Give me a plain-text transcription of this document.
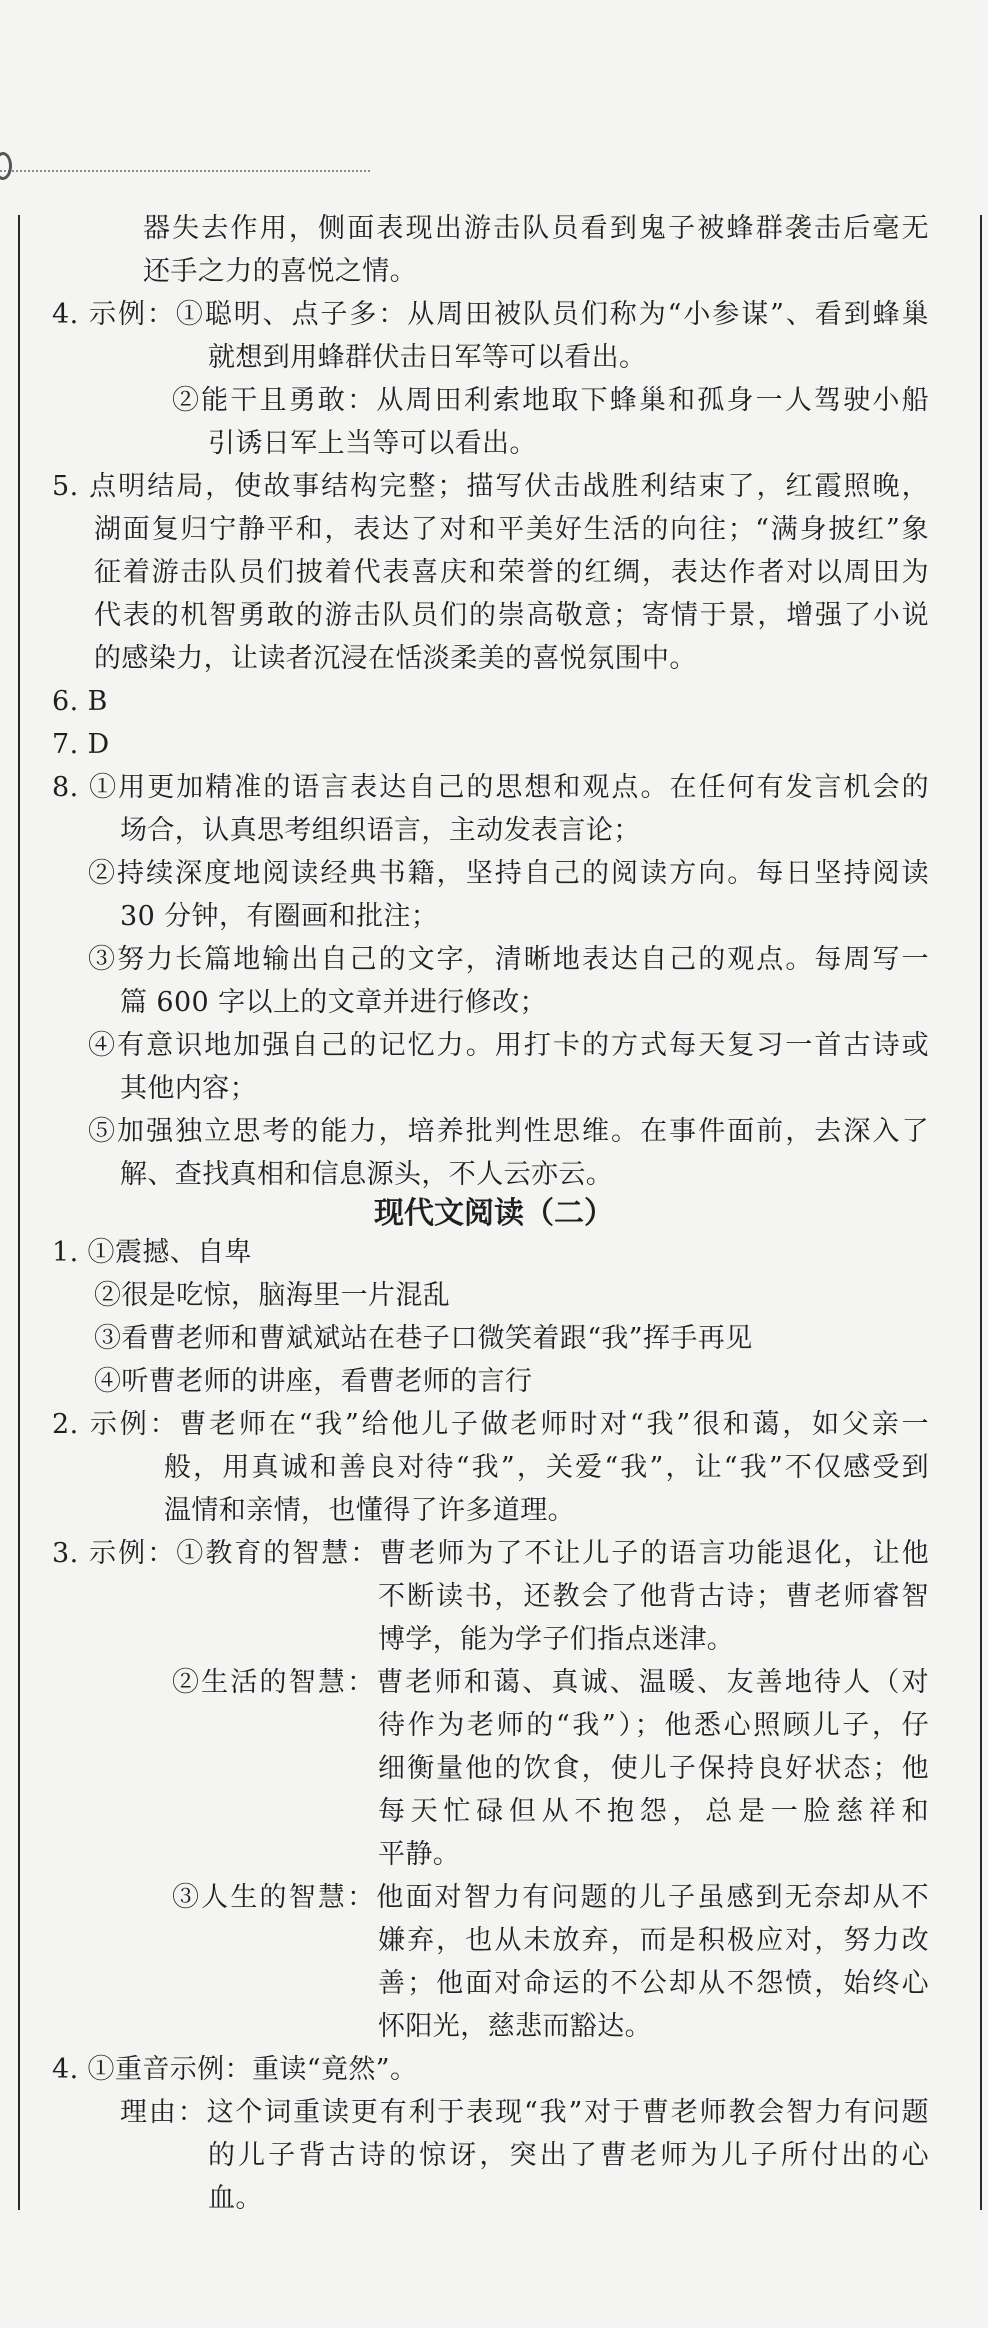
器失去作用，侧面表现出游击队员看到鬼子被蜂群袭击后毫无
还手之力的喜悦之情。
4. 示例：①聪明、点子多：从周田被队员们称为“小参谋”、看到蜂巢
就想到用蜂群伏击日军等可以看出。
②能干且勇敢：从周田利索地取下蜂巢和孤身一人驾驶小船
引诱日军上当等可以看出。
5. 点明结局，使故事结构完整；描写伏击战胜利结束了，红霞照晚，
湖面复归宁静平和，表达了对和平美好生活的向往；“满身披红”象
征着游击队员们披着代表喜庆和荣誉的红绸，表达作者对以周田为
代表的机智勇敢的游击队员们的崇高敬意；寄情于景，增强了小说
的感染力，让读者沉浸在恬淡柔美的喜悦氛围中。
6. B
7. D
8. ①用更加精准的语言表达自己的思想和观点。在任何有发言机会的
场合，认真思考组织语言，主动发表言论；
②持续深度地阅读经典书籍，坚持自己的阅读方向。每日坚持阅读
30 分钟，有圈画和批注；
③努力长篇地输出自己的文字，清晰地表达自己的观点。每周写一
篇 600 字以上的文章并进行修改；
④有意识地加强自己的记忆力。用打卡的方式每天复习一首古诗或
其他内容；
⑤加强独立思考的能力，培养批判性思维。在事件面前，去深入了
解、查找真相和信息源头，不人云亦云。
现代文阅读（二）
1. ①震撼、自卑
②很是吃惊，脑海里一片混乱
③看曹老师和曹斌斌站在巷子口微笑着跟“我”挥手再见
④听曹老师的讲座，看曹老师的言行
2. 示例：曹老师在“我”给他儿子做老师时对“我”很和蔼，如父亲一
般，用真诚和善良对待“我”，关爱“我”，让“我”不仅感受到
温情和亲情，也懂得了许多道理。
3. 示例：①教育的智慧：曹老师为了不让儿子的语言功能退化，让他
不断读书，还教会了他背古诗；曹老师睿智
博学，能为学子们指点迷津。
②生活的智慧：曹老师和蔼、真诚、温暖、友善地待人（对
待作为老师的“我”）；他悉心照顾儿子，仔
细衡量他的饮食，使儿子保持良好状态；他
每天忙碌但从不抱怨，总是一脸慈祥和
平静。
③人生的智慧：他面对智力有问题的儿子虽感到无奈却从不
嫌弃，也从未放弃，而是积极应对，努力改
善；他面对命运的不公却从不怨愤，始终心
怀阳光，慈悲而豁达。
4. ①重音示例：重读“竟然”。
理由：这个词重读更有利于表现“我”对于曹老师教会智力有问题
的儿子背古诗的惊讶，突出了曹老师为儿子所付出的心
血。
